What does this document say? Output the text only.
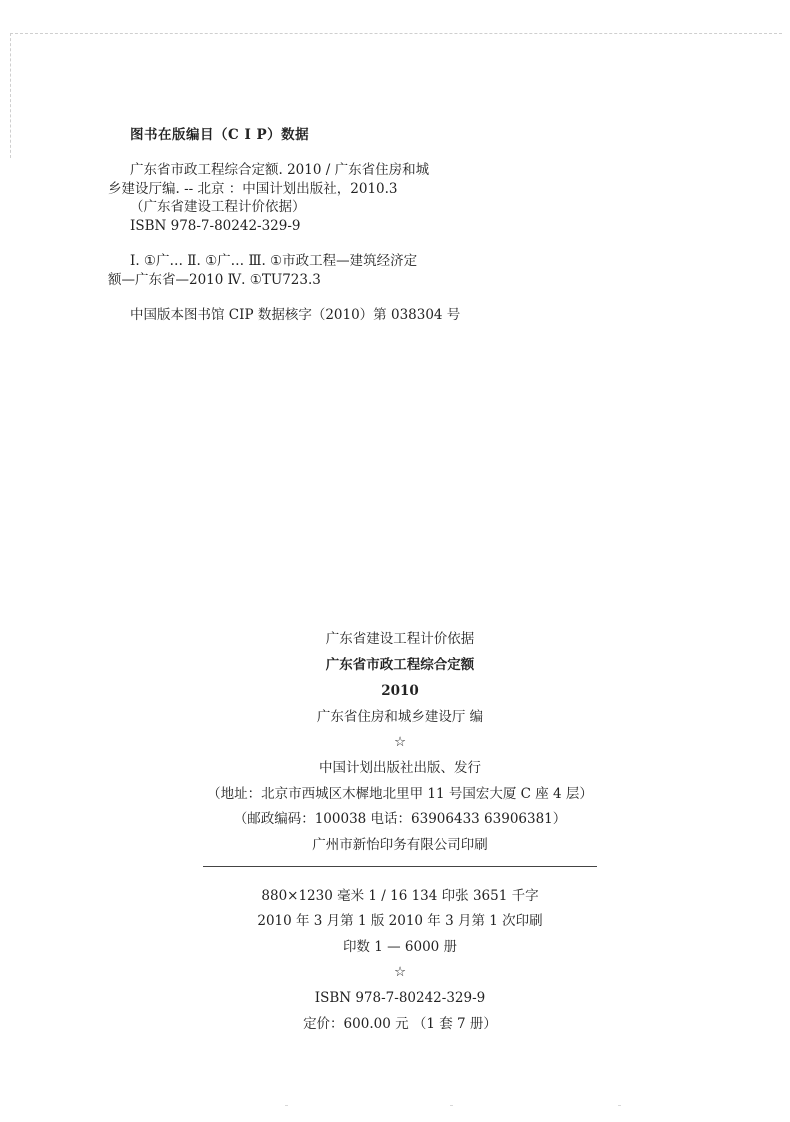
图书在版编目（C I P）数据
广东省市政工程综合定额. 2010 / 广东省住房和城
乡建设厅编. -- 北京 ：中国计划出版社，2010.3
（广东省建设工程计价依据）
ISBN 978-7-80242-329-9
Ⅰ. ①广… Ⅱ. ①广… Ⅲ. ①市政工程—建筑经济定
额—广东省—2010 Ⅳ. ①TU723.3
中国版本图书馆 CIP 数据核字（2010）第 038304 号
广东省建设工程计价依据
广东省市政工程综合定额
2010
广东省住房和城乡建设厅 编
☆
中国计划出版社出版、发行
（地址：北京市西城区木樨地北里甲 11 号国宏大厦 C 座 4 层）
（邮政编码：100038 电话：63906433 63906381）
广州市新怡印务有限公司印刷
880×1230 毫米 1 / 16 134 印张 3651 千字
2010 年 3 月第 1 版 2010 年 3 月第 1 次印刷
印数 1 — 6000 册
☆
ISBN 978-7-80242-329-9
定价：600.00 元 （1 套 7 册）
